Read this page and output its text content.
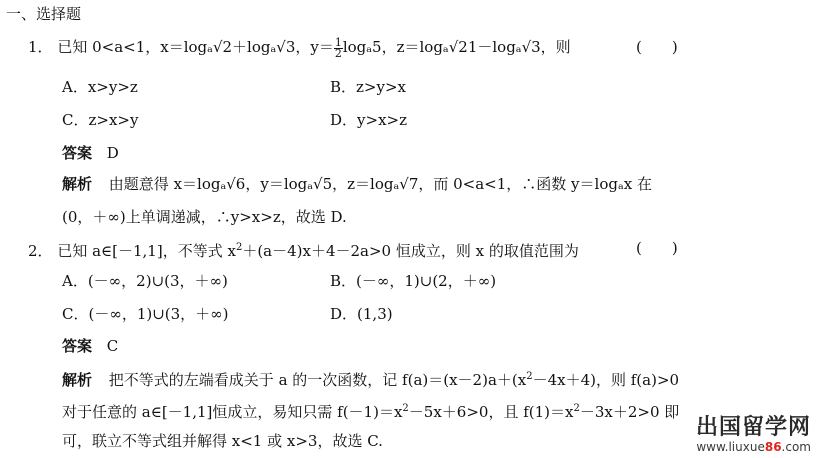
一、选择题
1． 已知 0<a<1，x＝logₐ√2＋logₐ√3，$y= \frac{1}{2} \log_a5$，z＝logₐ√21－logₐ√3，则	(　　)
A．x>y>z	B．z>y>x
C．z>x>y	D．y>x>z
答案 D
解析 由题意得 x＝logₐ√6，y＝logₐ√5，z＝logₐ√7，而 0<a<1，∴函数 y＝logₐx 在
(0，＋∞)上单调递减，∴y>x>z，故选 D.
2． 已知 a∈[－1,1]，不等式 $x^2+(a-4)x+4-2a>0$ 恒成立，则 x 的取值范围为	(　　)
A．(－∞，2)∪(3，＋∞)	B．(－∞，1)∪(2，＋∞)
C．(－∞，1)∪(3，＋∞)	D．(1,3)
答案 C
解析 把不等式的左端看成关于 a 的一次函数，记 $f(a)=(x-2)a+(x^2-4x+4)$，则 f(a)>0
对于任意的 a∈[－1,1]恒成立，易知只需 $f(-1)=x^2-5x+6>0$，且 $f(1)=x^2-3x+2>0$ 即
可，联立不等式组并解得 x<1 或 x>3，故选 C.
出国留学网
www.liuxue86.com
